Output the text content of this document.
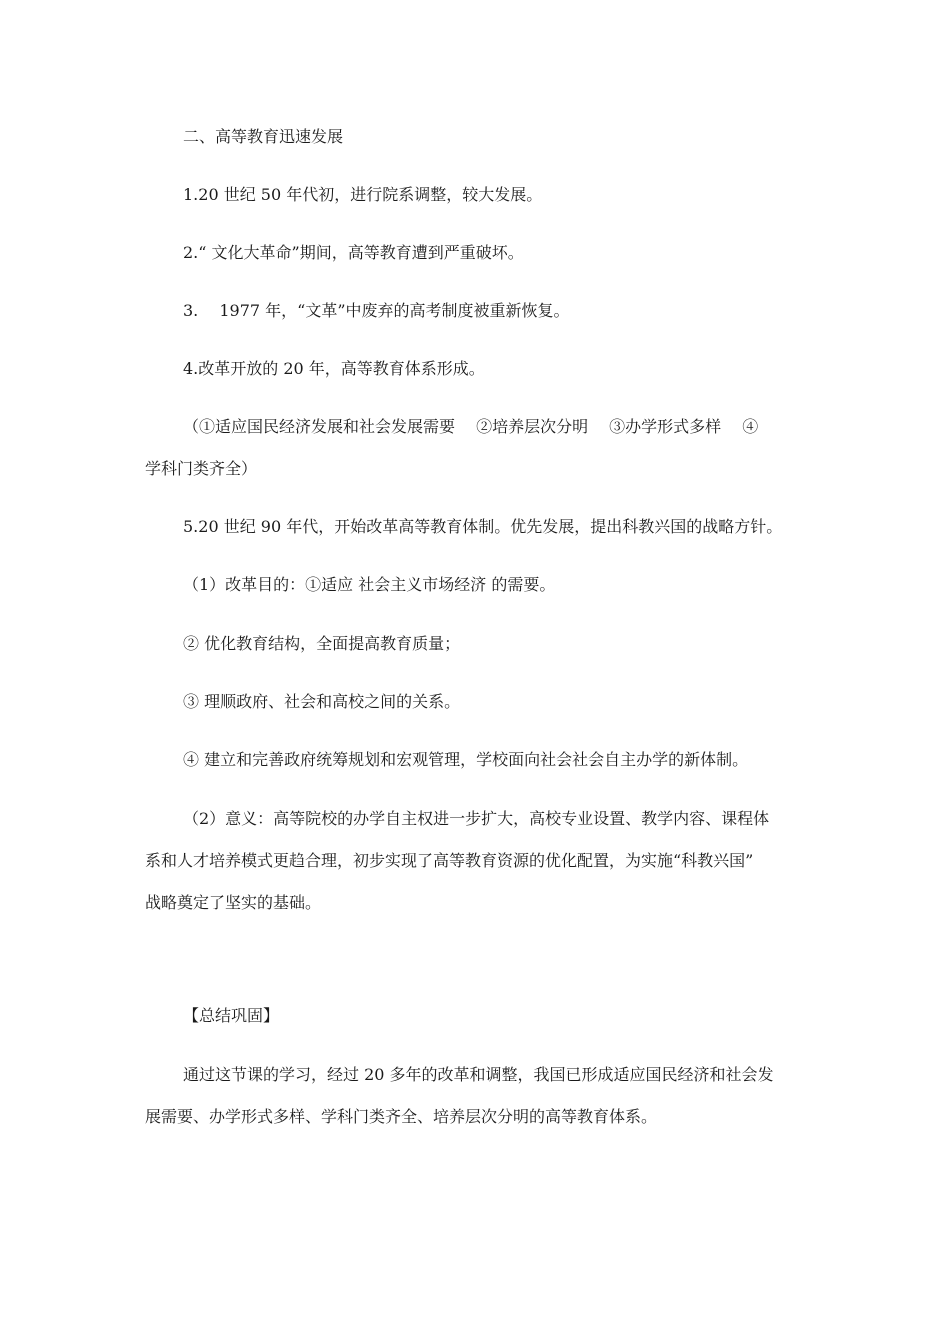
二、高等教育迅速发展

1.20 世纪 50 年代初，进行院系调整，较大发展。

2.“ 文化大革命”期间，高等教育遭到严重破坏。

3.　 1977 年，“文革”中废弃的高考制度被重新恢复。

4.改革开放的 20 年，高等教育体系形成。

（①适应国民经济发展和社会发展需要　 ②培养层次分明　 ③办学形式多样　 ④

学科门类齐全）

5.20 世纪 90 年代，开始改革高等教育体制。优先发展，提出科教兴国的战略方针。

（1）改革目的：①适应 社会主义市场经济 的需要。

② 优化教育结构，全面提高教育质量；

③ 理顺政府、社会和高校之间的关系。

④ 建立和完善政府统筹规划和宏观管理，学校面向社会社会自主办学的新体制。

（2）意义：高等院校的办学自主权进一步扩大，高校专业设置、教学内容、课程体

系和人才培养模式更趋合理，初步实现了高等教育资源的优化配置，为实施“科教兴国”

战略奠定了坚实的基础。

【总结巩固】

通过这节课的学习，经过 20 多年的改革和调整，我国已形成适应国民经济和社会发

展需要、办学形式多样、学科门类齐全、培养层次分明的高等教育体系。
